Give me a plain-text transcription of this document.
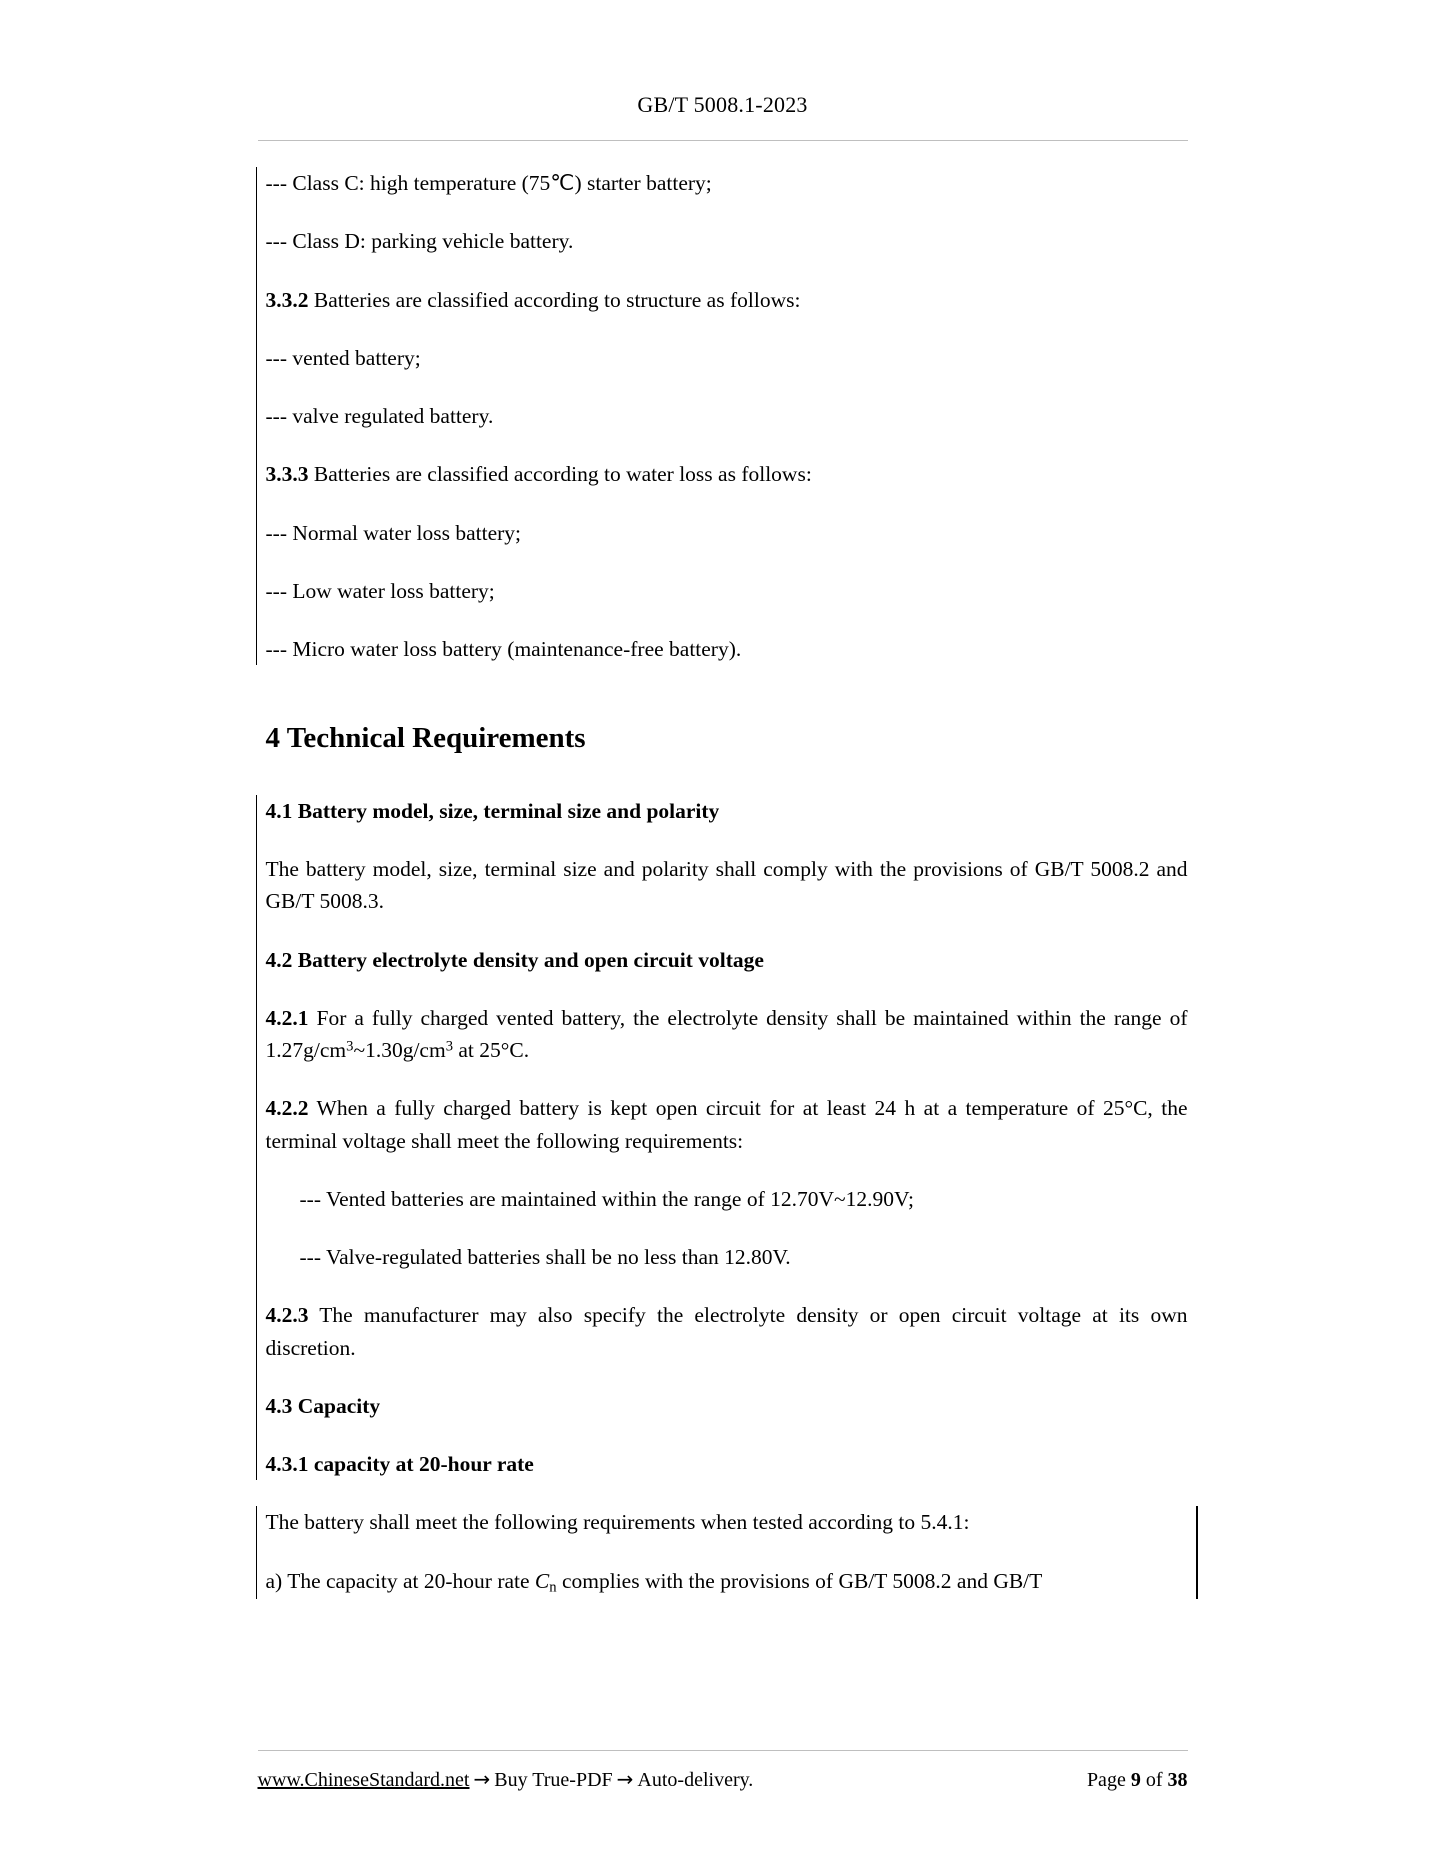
GB/T 5008.1-2023

--- Class C: high temperature (75℃) starter battery;

--- Class D: parking vehicle battery.

3.3.2 Batteries are classified according to structure as follows:

--- vented battery;

--- valve regulated battery.

3.3.3 Batteries are classified according to water loss as follows:

--- Normal water loss battery;

--- Low water loss battery;

--- Micro water loss battery (maintenance-free battery).

4 Technical Requirements

4.1 Battery model, size, terminal size and polarity

The battery model, size, terminal size and polarity shall comply with the provisions of GB/T 5008.2 and GB/T 5008.3.

4.2 Battery electrolyte density and open circuit voltage

4.2.1 For a fully charged vented battery, the electrolyte density shall be maintained within the range of $1.27g/cm^3\sim 1.30g/cm^3$ at 25°C.

4.2.2 When a fully charged battery is kept open circuit for at least 24 h at a temperature of 25°C, the terminal voltage shall meet the following requirements:

--- Vented batteries are maintained within the range of 12.70V~12.90V;

--- Valve-regulated batteries shall be no less than 12.80V.

4.2.3 The manufacturer may also specify the electrolyte density or open circuit voltage at its own discretion.

4.3 Capacity

4.3.1 capacity at 20-hour rate

The battery shall meet the following requirements when tested according to 5.4.1:

a) The capacity at 20-hour rate $C_n$ complies with the provisions of GB/T 5008.2 and GB/T

www.ChineseStandard.net → Buy True-PDF → Auto-delivery.	Page 9 of 38
